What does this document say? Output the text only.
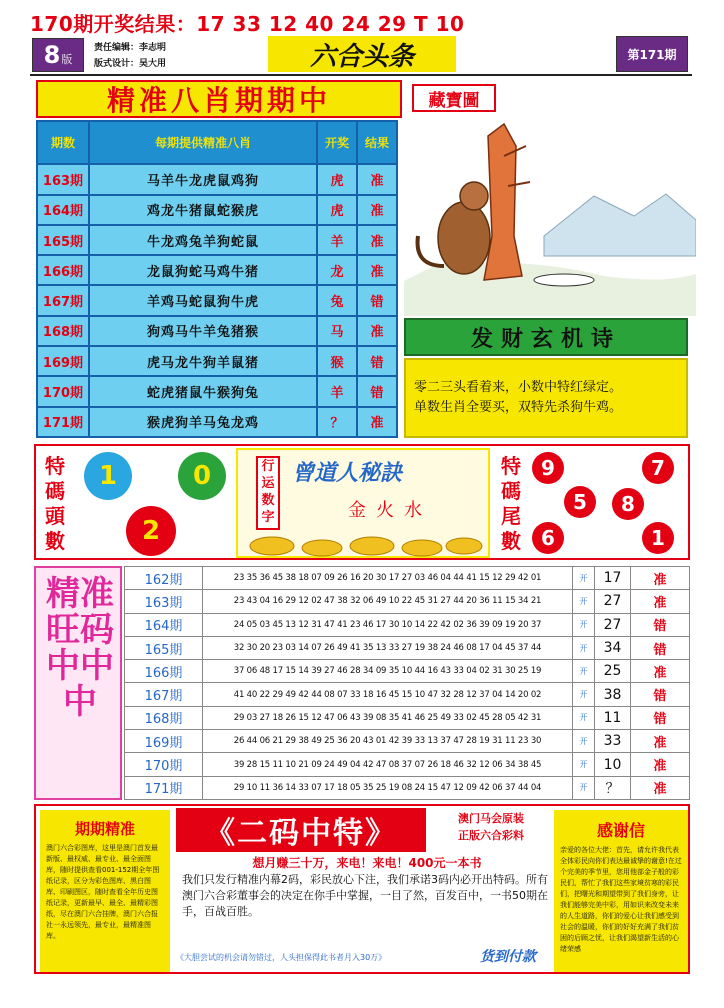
170期开奖结果：17 33 12 40 24 29 T 10
8 版
责任编辑：李志明
版式设计：吴大用	六合头条	第171期
精准八肖期期中	藏寶圖
期数	每期提供精准八肖	开奖	结果
163期	马羊牛龙虎鼠鸡狗	虎	准
164期	鸡龙牛猪鼠蛇猴虎	虎	准
165期	牛龙鸡兔羊狗蛇鼠	羊	准
166期	龙鼠狗蛇马鸡牛猪	龙	准
167期	羊鸡马蛇鼠狗牛虎	兔	错
168期	狗鸡马牛羊兔猪猴	马	准
169期	虎马龙牛狗羊鼠猪	猴	错
170期	蛇虎猪鼠牛猴狗兔	羊	错
171期	猴虎狗羊马兔龙鸡	？	准
发财玄机诗
零二三头看着来，小数中特红绿定。
单数生肖全要买，双特先杀狗牛鸡。
特碼頭數
1	0
2
行运数字
曾道人秘訣
金火水
特碼尾數
9	7
5	8
6	1
精准旺码中中中
162期	23 35 36 45 38 18 07 09 26 16 20 30 17 27 03 46 04 44 41 15 12 29 42 01	开	17	准
163期	23 43 04 16 29 12 02 47 38 32 06 49 10 22 45 31 27 44 20 36 11 15 34 21	开	27	准
164期	24 05 03 45 13 12 31 47 41 23 46 17 30 10 14 22 42 02 36 39 09 19 20 37	开	27	错
165期	32 30 20 23 03 14 07 26 49 41 35 13 33 27 19 38 24 46 08 17 04 45 37 44	开	34	错
166期	37 06 48 17 15 14 39 27 46 28 34 09 35 10 44 16 43 33 04 02 31 30 25 19	开	25	准
167期	41 40 22 29 49 42 44 08 07 33 18 16 45 15 10 47 32 28 12 37 04 14 20 02	开	38	错
168期	29 03 27 18 26 15 12 47 06 43 39 08 35 41 46 25 49 33 02 45 28 05 42 31	开	11	错
169期	26 44 06 21 29 38 49 25 36 20 43 01 42 39 33 13 37 47 28 19 31 11 23 30	开	33	准
170期	39 28 15 11 10 21 09 24 49 04 42 47 08 37 07 26 18 46 32 12 06 34 38 45	开	10	准
171期	29 10 11 36 14 33 07 17 18 05 35 25 19 08 24 15 47 12 09 42 06 37 44 04	开	？	准
期期精准
澳门六合彩图库，这里是澳门首发最新版、最权威、最专业、最全面图库，随时提供查看001-152期全年图纸记录，区分为彩色图库、黑白图库、印刷图区，随时查看全年历史图纸记录，更新最早、最全、最精彩图纸，尽在澳门六合挂牌，澳门六合报社一永远领先，最专业，最精准图库。
《二码中特》	澳门马会原装
正版六合彩料
想月赚三十万，来电！来电！400元一本书
我们只发行精准内幕2码，彩民放心下注，我们承诺3码内必开出特码。所有澳门六合彩董事会的决定在你手中掌握，一目了然，百发百中，一书50期在手，百战百胜。
《大胆尝试的机会请勿错过，人头担保得此书者月入30万》	货到付款
感谢信
亲爱的各位大佬：首先，请允许我代表全体彩民向你们表达最诚挚的谢意!在过个完美的季节里，您用他部金子般的彩民们，帮忙了我们这些家境贫寒的彩民们，把曙光和期望带到了我们身旁，让我们能够完美中彩，用如识来改变未来的人生道路，你们的爱心让我们感受到社会的温暖，你们的好好充满了我们贫困的后顾之忧，让我们渴望新生活的心绪荣感
